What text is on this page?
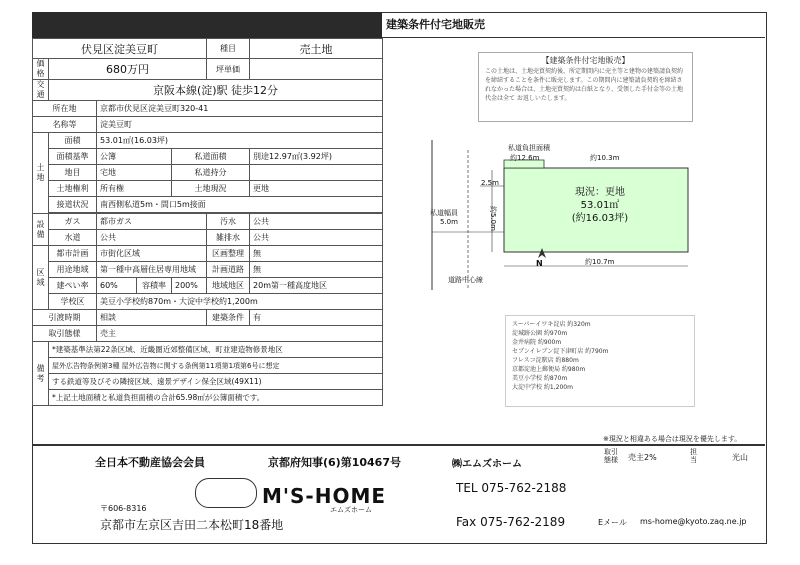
建築条件付宅地販売
伏見区淀美豆町					種目	売土地
価格	680万円				坪単価	
交通	京阪本線(淀)駅 徒歩12分					
所在地		京都市伏見区淀美豆町320-41				
名称等		淀美豆町				
土地	面積	53.01㎡(16.03坪)				
	面積基準	公簿		私道面積		別途12.97㎡(3.92坪)
	地目	宅地		私道持分		
	土地権利	所有権		土地現況		更地
	接道状況	南西側私道5m・間口5m接面				

設備	ガス	都市ガス			汚水	公共
	水道	公共			雑排水	公共
区域	都市計画	市街化区域			区画整理	無
	用途地域	第一種中高層住居専用地域			計画道路	無
	建ぺい率	60%	容積率	200%	地域地区	20m第一種高度地区
	学校区	美豆小学校約870m・大淀中学校約1,200m				
引渡時期		相談			建築条件	有
取引態様		売主				
備考	*建築基準法第22条区域、近畿圏近郊整備区域、町並建造物修景地区					
	屋外広告物条例第3種 屋外広告物に関する条例第11項第1項第6号に想定					
	する鉄道等及びその隣接区域、遠景デザイン保全区域(49X11)					
	*上記土地面積と私道負担面積の合計65.98㎡が公簿面積です。					
【建築条件付宅地販売】
この土地は、土地売買契約後、所定期間内に売主等と建物の建築請負契約を締結することを条件に販売します。この期間内に建築請負契約を締結されなかった場合は、土地売買契約は白紙となり、受領した手付金等の土地代金は全て お返しいたします。
私道負担面積
約12.6m	約10.3m
2.5m
私道幅員
5.0m	約5.0m
現況：更地
53.01㎡
(約16.03坪)
約10.7m
N
道路中心線
スーパーイワキ淀店 約320m
淀城跡公園 約970m
金井病院 約900m
セブンイレブン淀下津町店 約790m
フレスコ淀駅店 約880m
京都淀池上郵便局 約980m
美豆小学校 約870m
大淀中学校 約1,200m
※現況と相違ある場合は現況を優先します。
全日本不動産協会会員	京都府知事(6)第10467号	㈱エムズホーム
取引態様	売主2%
担当	光山
M'S-HOME
エムズホーム
〒606-8316
京都市左京区吉田二本松町18番地
TEL 075-762-2188
Fax 075-762-2189	Eメール ms-home@kyoto.zaq.ne.jp
